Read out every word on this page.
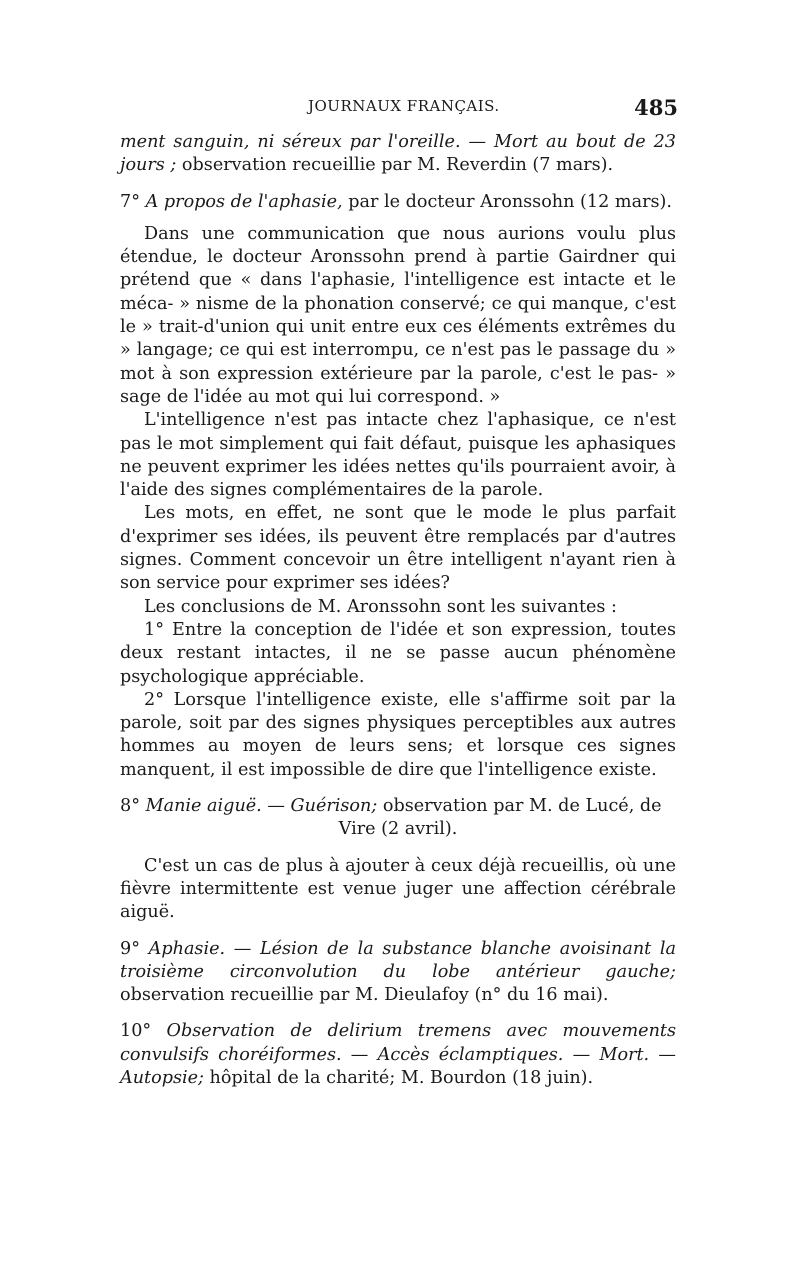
JOURNAUX FRANÇAIS.	485

ment sanguin, ni séreux par l'oreille. — Mort au bout de 23 jours ; observation recueillie par M. Reverdin (7 mars).

7° A propos de l'aphasie, par le docteur Aronssohn (12 mars).

Dans une communication que nous aurions voulu plus étendue, le docteur Aronssohn prend à partie Gairdner qui prétend que « dans l'aphasie, l'intelligence est intacte et le méca- » nisme de la phonation conservé; ce qui manque, c'est le » trait-d'union qui unit entre eux ces éléments extrêmes du » langage; ce qui est interrompu, ce n'est pas le passage du » mot à son expression extérieure par la parole, c'est le pas- » sage de l'idée au mot qui lui correspond. »

L'intelligence n'est pas intacte chez l'aphasique, ce n'est pas le mot simplement qui fait défaut, puisque les aphasiques ne peuvent exprimer les idées nettes qu'ils pourraient avoir, à l'aide des signes complémentaires de la parole.

Les mots, en effet, ne sont que le mode le plus parfait d'exprimer ses idées, ils peuvent être remplacés par d'autres signes. Comment concevoir un être intelligent n'ayant rien à son service pour exprimer ses idées?

Les conclusions de M. Aronssohn sont les suivantes :

1° Entre la conception de l'idée et son expression, toutes deux restant intactes, il ne se passe aucun phénomène psychologique appréciable.

2° Lorsque l'intelligence existe, elle s'affirme soit par la parole, soit par des signes physiques perceptibles aux autres hommes au moyen de leurs sens; et lorsque ces signes manquent, il est impossible de dire que l'intelligence existe.

8° Manie aiguë. — Guérison; observation par M. de Lucé, de

Vire (2 avril).

C'est un cas de plus à ajouter à ceux déjà recueillis, où une fièvre intermittente est venue juger une affection cérébrale aiguë.

9° Aphasie. — Lésion de la substance blanche avoisinant la troisième circonvolution du lobe antérieur gauche; observation recueillie par M. Dieulafoy (n° du 16 mai).

10° Observation de delirium tremens avec mouvements convulsifs choréiformes. — Accès éclamptiques. — Mort. — Autopsie; hôpital de la charité; M. Bourdon (18 juin).
